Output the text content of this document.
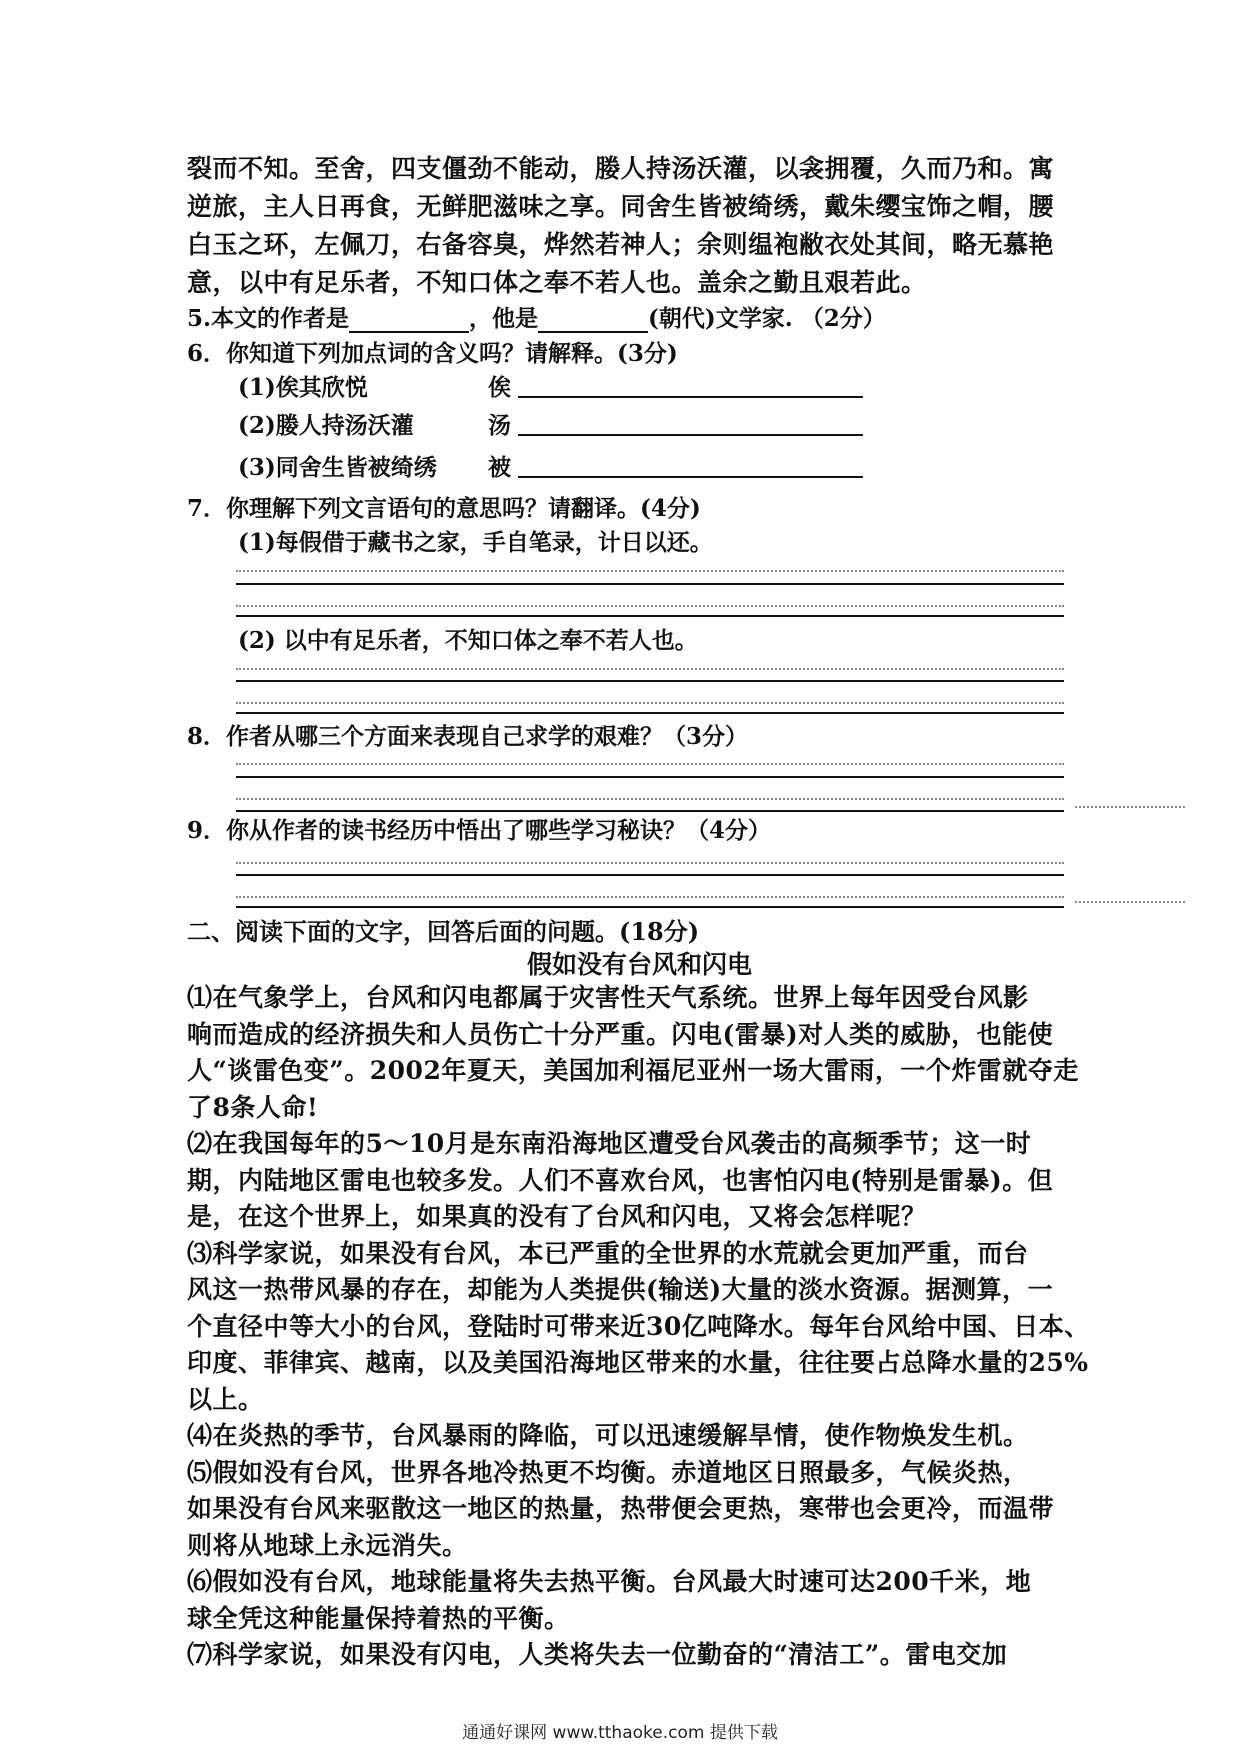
裂而不知。至舍，四支僵劲不能动，媵人持汤沃灌，以衾拥覆，久而乃和。寓

逆旅，主人日再食，无鲜肥滋味之享。同舍生皆被绮绣，戴朱缨宝饰之帽，腰

白玉之环，左佩刀，右备容臭，烨然若神人；余则缊袍敝衣处其间，略无慕艳

意，以中有足乐者，不知口体之奉不若人也。盖余之勤且艰若此。

5.本文的作者是	，他是	(朝代)文学家. （2分）
6．你知道下列加点词的含义吗？请解释。(3分)
(1)俟其欣悦	俟
(2)媵人持汤沃灌	汤
(3)同舍生皆被绮绣 被
7．你理解下列文言语句的意思吗？请翻译。(4分)
(1)每假借于藏书之家，手自笔录，计日以还。
(2) 以中有足乐者，不知口体之奉不若人也。
8．作者从哪三个方面来表现自己求学的艰难？（3分）
9．你从作者的读书经历中悟出了哪些学习秘诀？（4分）
二、阅读下面的文字，回答后面的问题。(18分)
假如没有台风和闪电

⑴在气象学上，台风和闪电都属于灾害性天气系统。世界上每年因受台风影

响而造成的经济损失和人员伤亡十分严重。闪电(雷暴)对人类的威胁，也能使

人“谈雷色变”。2002年夏天，美国加利福尼亚州一场大雷雨，一个炸雷就夺走

了8条人命!

⑵在我国每年的5～10月是东南沿海地区遭受台风袭击的高频季节；这一时

期，内陆地区雷电也较多发。人们不喜欢台风，也害怕闪电(特别是雷暴)。但

是，在这个世界上，如果真的没有了台风和闪电，又将会怎样呢？

⑶科学家说，如果没有台风，本已严重的全世界的水荒就会更加严重，而台

风这一热带风暴的存在，却能为人类提供(输送)大量的淡水资源。据测算，一

个直径中等大小的台风，登陆时可带来近30亿吨降水。每年台风给中国、日本、

印度、菲律宾、越南，以及美国沿海地区带来的水量，往往要占总降水量的25%

以上。

⑷在炎热的季节，台风暴雨的降临，可以迅速缓解旱情，使作物焕发生机。

⑸假如没有台风，世界各地冷热更不均衡。赤道地区日照最多，气候炎热，

如果没有台风来驱散这一地区的热量，热带便会更热，寒带也会更冷，而温带

则将从地球上永远消失。

⑹假如没有台风，地球能量将失去热平衡。台风最大时速可达200千米，地

球全凭这种能量保持着热的平衡。

⑺科学家说，如果没有闪电，人类将失去一位勤奋的“清洁工”。雷电交加

通通好课网 www.tthaoke.com 提供下载
